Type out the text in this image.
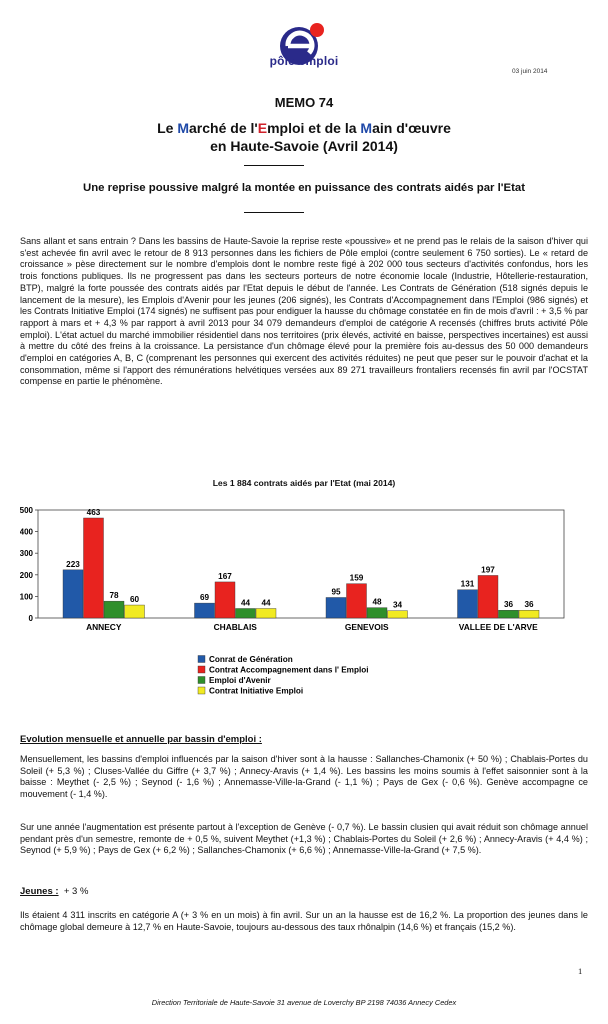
pôle emploi
03 juin 2014
MEMO 74
Le Marché de l'Emploi et de la Main d'œuvre
en Haute-Savoie (Avril 2014)
Une reprise poussive malgré la montée en puissance des contrats aidés par l'Etat
Sans allant et sans entrain ? Dans les bassins de Haute-Savoie la reprise reste «poussive» et ne prend pas le relais de la saison d'hiver qui s'est achevée fin avril avec le retour de 8 913 personnes dans les fichiers de Pôle emploi (contre seulement 6 750 sorties). Le « retard de croissance » pèse directement sur le nombre d'emplois dont le nombre reste figé à 202 000 tous secteurs d'activités confondus, hors les trois fonctions publiques. Ils ne progressent pas dans les secteurs porteurs de notre économie locale (Industrie, Hôtellerie-restauration, BTP), malgré la forte poussée des contrats aidés par l'Etat depuis le début de l'année. Les Contrats de Génération (518 signés depuis le lancement de la mesure), les Emplois d'Avenir pour les jeunes (206 signés), les Contrats d'Accompagnement dans l'Emploi (986 signés) et les Contrats Initiative Emploi (174 signés) ne suffisent pas pour endiguer la hausse du chômage constatée en fin de mois d'avril : + 3,5 % par rapport à mars et + 4,3 % par rapport à avril 2013 pour 34 079 demandeurs d'emploi de catégorie A recensés (chiffres bruts activité Pôle emploi). L'état actuel du marché immobilier résidentiel dans nos territoires (prix élevés, activité en baisse, perspectives incertaines) est aussi à mettre du côté des freins à la croissance. La persistance d'un chômage élevé pour la première fois au-dessus des 50 000 demandeurs d'emploi en catégories A, B, C (comprenant les personnes qui exercent des activités réduites) ne peut que peser sur le pouvoir d'achat et la consommation, même si l'apport des rémunérations helvétiques versées aux 89 271 travailleurs frontaliers recensés fin avril par l'OCSTAT compense en partie le phénomène.
Les 1 884 contrats aidés par l'Etat (mai 2014)
0
100
200
300
400
500
223
463
78 60
ANNECY
69
167
44 44
CHABLAIS
95
159
48 34
GENEVOIS
131
197
36 36
VALLEE DE L'ARVE
Conrat de Génération
Contrat Accompagnement dans l' Emploi
Emploi d'Avenir
Contrat Initiative Emploi
Evolution mensuelle et annuelle par bassin d'emploi :
Mensuellement, les bassins d'emploi influencés par la saison d'hiver sont à la hausse : Sallanches-Chamonix (+ 50 %) ; Chablais-Portes du Soleil (+ 5,3 %) ; Cluses-Vallée du Giffre (+ 3,7 %) ; Annecy-Aravis (+ 1,4 %). Les bassins les moins soumis à l'effet saisonnier sont à la baisse : Meythet (- 2,5 %) ; Seynod (- 1,6 %) ; Annemasse-Ville-la-Grand (- 1,1 %) ; Pays de Gex (- 0,6 %). Genève accompagne ce mouvement (- 1,4 %).
Sur une année l'augmentation est présente partout à l'exception de Genève (- 0,7 %). Le bassin clusien qui avait réduit son chômage annuel pendant près d'un semestre, remonte de + 0,5 %, suivent Meythet (+1,3 %) ; Chablais-Portes du Soleil (+ 2,6 %) ; Annecy-Aravis (+ 4,4 %) ; Seynod (+ 5,9 %) ; Pays de Gex (+ 6,2 %) ; Sallanches-Chamonix (+ 6,6 %) ; Annemasse-Ville-la-Grand (+ 7,5 %).
Jeunes : + 3 %
Ils étaient 4 311 inscrits en catégorie A (+ 3 % en un mois) à fin avril. Sur un an la hausse est de 16,2 %. La proportion des jeunes dans le chômage global demeure à 12,7 % en Haute-Savoie, toujours au-dessous des taux rhônalpin (14,6 %) et français (15,2 %).
1
Direction Territoriale de Haute-Savoie 31 avenue de Loverchy BP 2198 74036 Annecy Cedex
